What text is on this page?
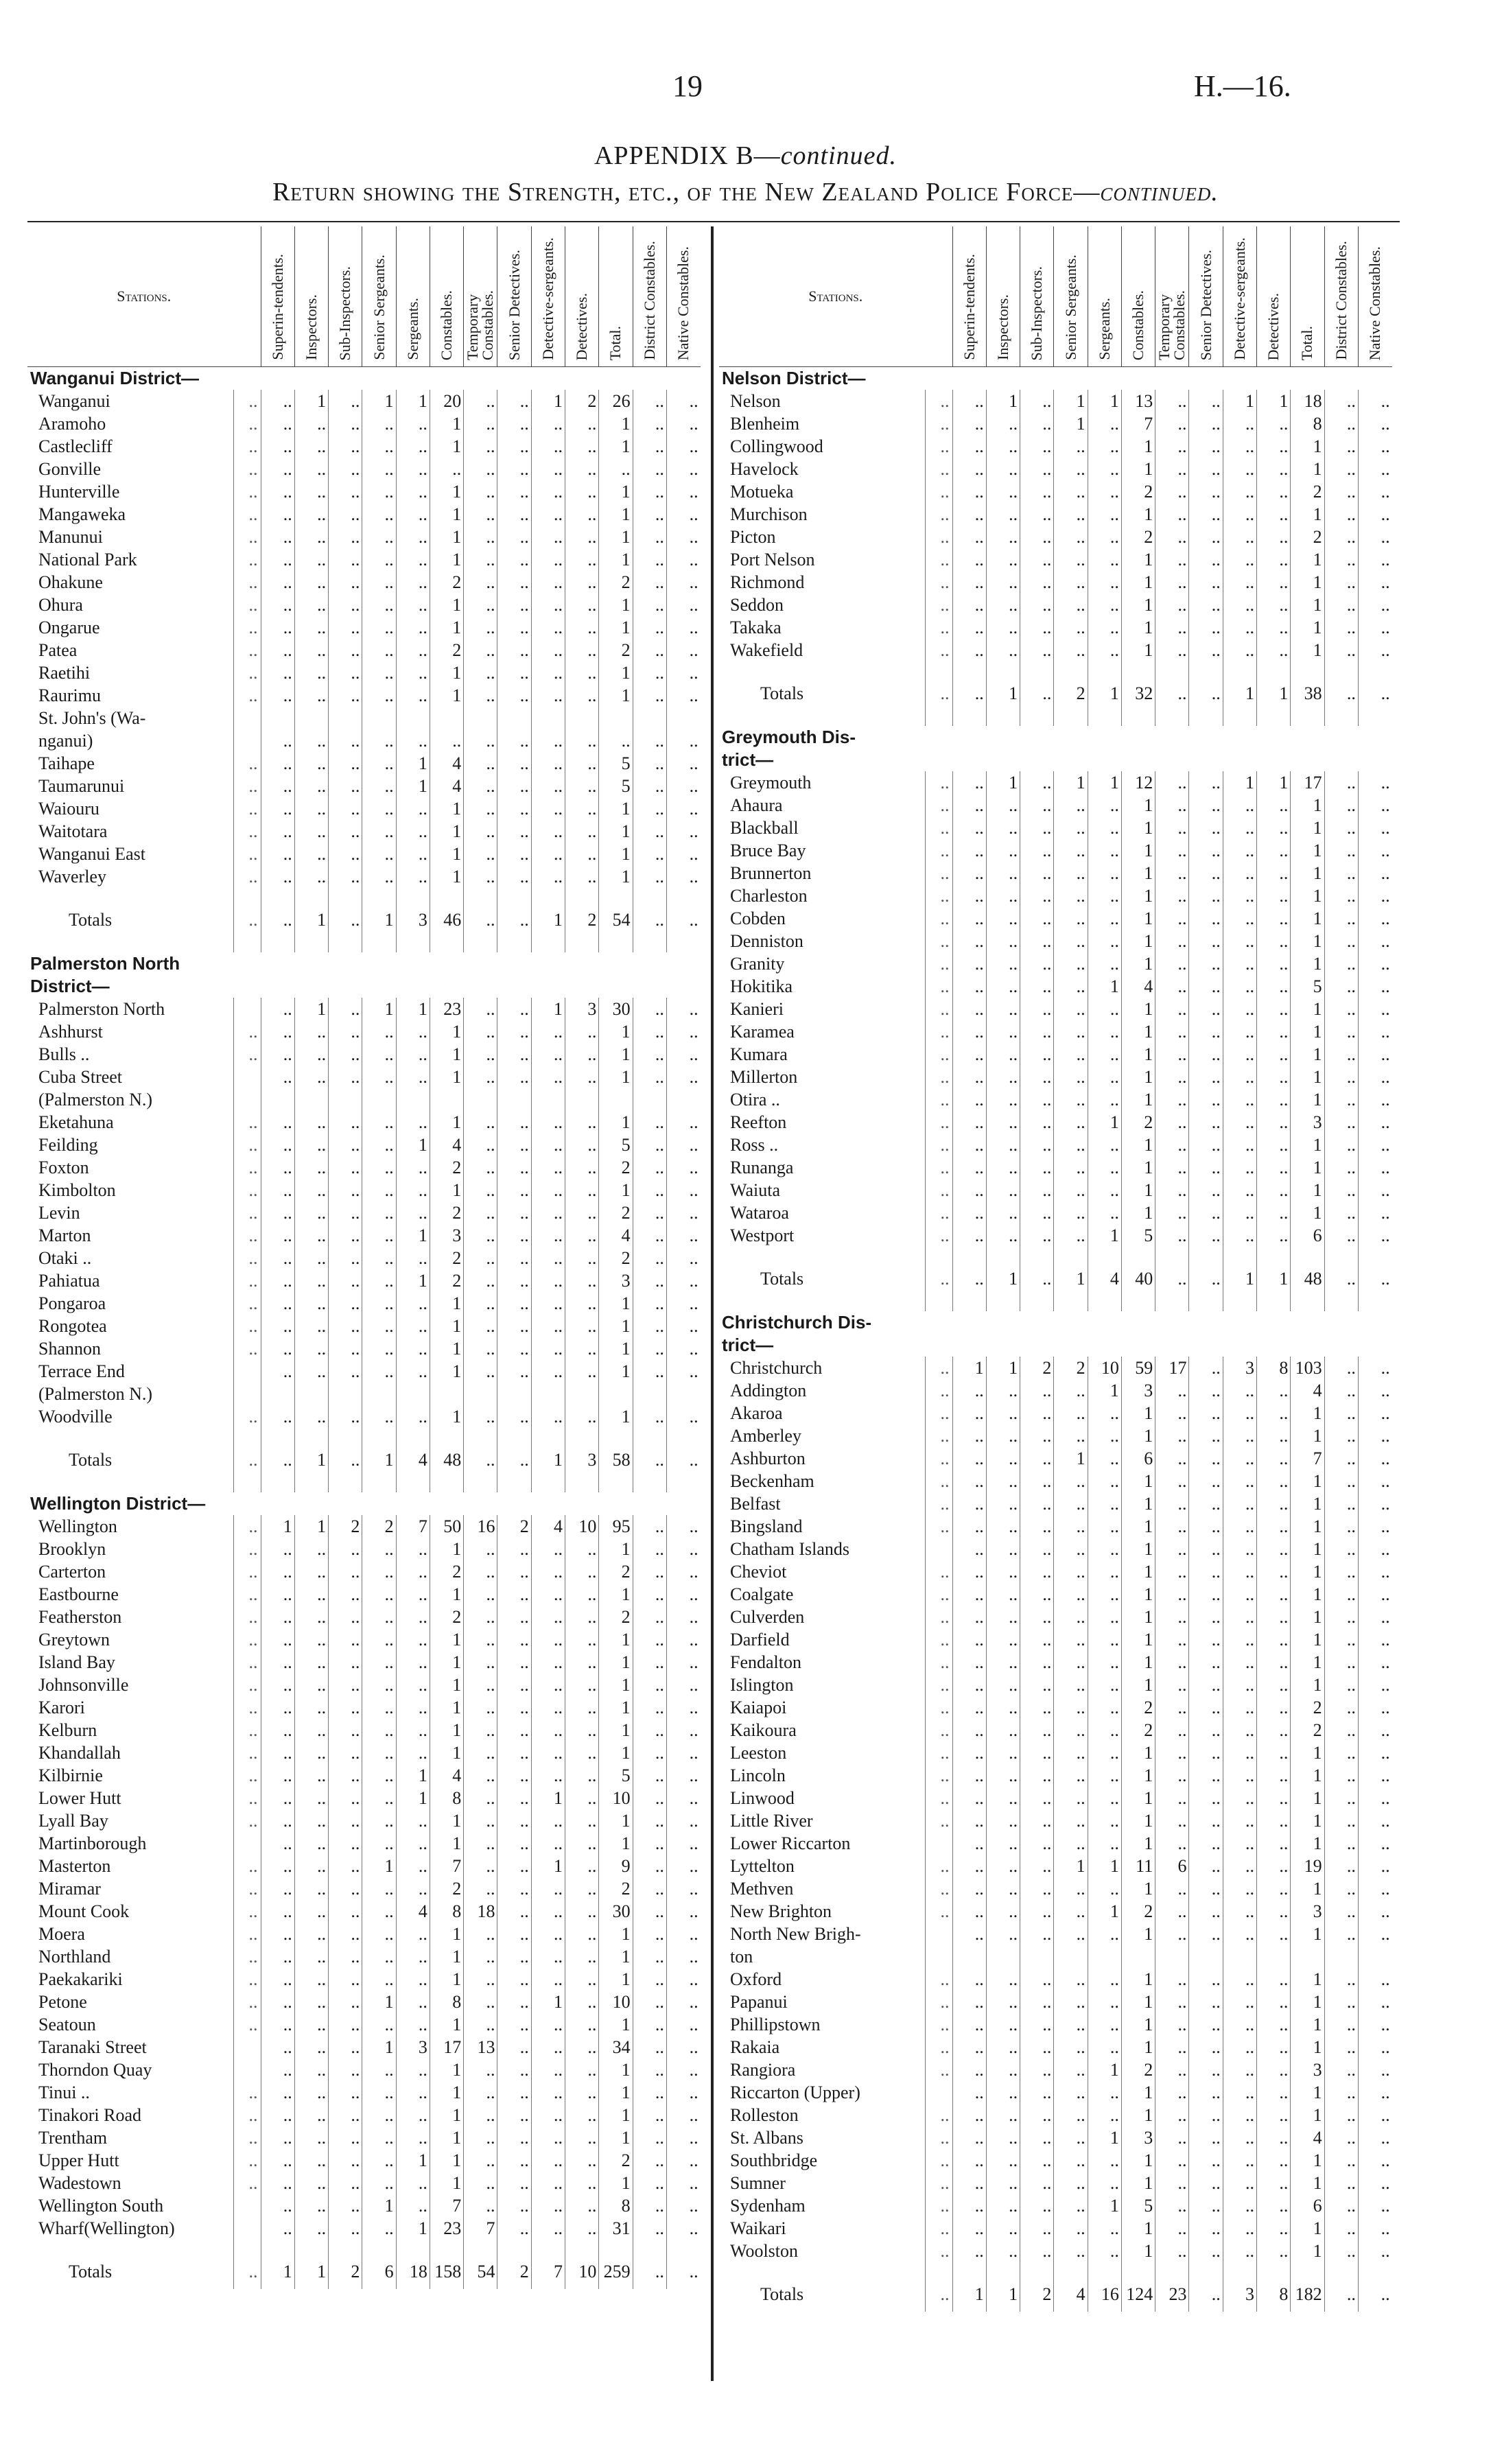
19	H.—16.
APPENDIX B—continued.
Return showing the Strength, etc., of the New Zealand Police Force—continued.
Stations.		Superin-tendents.	Inspectors.	Sub-Inspectors.	Senior Sergeants.	Sergeants.	Constables.	Temporary Constables.	Senior Detectives.	Detective-sergeants.	Detectives.	Total.	District Constables.	Native Constables.
Wanganui District—														
Wanganui	..	..	1	..	1	1	20	..	..	1	2	26	..	..
Aramoho	..	..	..	..	..	..	1	..	..	..	..	1	..	..
Castlecliff	..	..	..	..	..	..	1	..	..	..	..	1	..	..
Gonville	..	..	..	..	..	..	..	..	..	..	..	..	..	..
Hunterville	..	..	..	..	..	..	1	..	..	..	..	1	..	..
Mangaweka	..	..	..	..	..	..	1	..	..	..	..	1	..	..
Manunui	..	..	..	..	..	..	1	..	..	..	..	1	..	..
National Park	..	..	..	..	..	..	1	..	..	..	..	1	..	..
Ohakune	..	..	..	..	..	..	2	..	..	..	..	2	..	..
Ohura	..	..	..	..	..	..	1	..	..	..	..	1	..	..
Ongarue	..	..	..	..	..	..	1	..	..	..	..	1	..	..
Patea	..	..	..	..	..	..	2	..	..	..	..	2	..	..
Raetihi	..	..	..	..	..	..	1	..	..	..	..	1	..	..
Raurimu	..	..	..	..	..	..	1	..	..	..	..	1	..	..
St. John's (Wa-														
nganui)		..	..	..	..	..	..	..	..	..	..	..	..	..
Taihape	..	..	..	..	..	1	4	..	..	..	..	5	..	..
Taumarunui	..	..	..	..	..	1	4	..	..	..	..	5	..	..
Waiouru	..	..	..	..	..	..	1	..	..	..	..	1	..	..
Waitotara	..	..	..	..	..	..	1	..	..	..	..	1	..	..
Wanganui East	..	..	..	..	..	..	1	..	..	..	..	1	..	..
Waverley	..	..	..	..	..	..	1	..	..	..	..	1	..	..

Totals	..	..	1	..	1	3	46	..	..	1	2	54	..	..

Palmerston North														
District—														
Palmerston North		..	1	..	1	1	23	..	..	1	3	30	..	..
Ashhurst	..	..	..	..	..	..	1	..	..	..	..	1	..	..
Bulls ..	..	..	..	..	..	..	1	..	..	..	..	1	..	..
Cuba Street		..	..	..	..	..	1	..	..	..	..	1	..	..
(Palmerston N.)														
Eketahuna	..	..	..	..	..	..	1	..	..	..	..	1	..	..
Feilding	..	..	..	..	..	1	4	..	..	..	..	5	..	..
Foxton	..	..	..	..	..	..	2	..	..	..	..	2	..	..
Kimbolton	..	..	..	..	..	..	1	..	..	..	..	1	..	..
Levin	..	..	..	..	..	..	2	..	..	..	..	2	..	..
Marton	..	..	..	..	..	1	3	..	..	..	..	4	..	..
Otaki ..	..	..	..	..	..	..	2	..	..	..	..	2	..	..
Pahiatua	..	..	..	..	..	1	2	..	..	..	..	3	..	..
Pongaroa	..	..	..	..	..	..	1	..	..	..	..	1	..	..
Rongotea	..	..	..	..	..	..	1	..	..	..	..	1	..	..
Shannon	..	..	..	..	..	..	1	..	..	..	..	1	..	..
Terrace End		..	..	..	..	..	1	..	..	..	..	1	..	..
(Palmerston N.)														
Woodville	..	..	..	..	..	..	1	..	..	..	..	1	..	..

Totals	..	..	1	..	1	4	48	..	..	1	3	58	..	..

Wellington District—														
Wellington	..	1	1	2	2	7	50	16	2	4	10	95	..	..
Brooklyn	..	..	..	..	..	..	1	..	..	..	..	1	..	..
Carterton	..	..	..	..	..	..	2	..	..	..	..	2	..	..
Eastbourne	..	..	..	..	..	..	1	..	..	..	..	1	..	..
Featherston	..	..	..	..	..	..	2	..	..	..	..	2	..	..
Greytown	..	..	..	..	..	..	1	..	..	..	..	1	..	..
Island Bay	..	..	..	..	..	..	1	..	..	..	..	1	..	..
Johnsonville	..	..	..	..	..	..	1	..	..	..	..	1	..	..
Karori	..	..	..	..	..	..	1	..	..	..	..	1	..	..
Kelburn	..	..	..	..	..	..	1	..	..	..	..	1	..	..
Khandallah	..	..	..	..	..	..	1	..	..	..	..	1	..	..
Kilbirnie	..	..	..	..	..	1	4	..	..	..	..	5	..	..
Lower Hutt	..	..	..	..	..	1	8	..	..	1	..	10	..	..
Lyall Bay	..	..	..	..	..	..	1	..	..	..	..	1	..	..
Martinborough		..	..	..	..	..	1	..	..	..	..	1	..	..
Masterton	..	..	..	..	1	..	7	..	..	1	..	9	..	..
Miramar	..	..	..	..	..	..	2	..	..	..	..	2	..	..
Mount Cook	..	..	..	..	..	4	8	18	..	..	..	30	..	..
Moera	..	..	..	..	..	..	1	..	..	..	..	1	..	..
Northland	..	..	..	..	..	..	1	..	..	..	..	1	..	..
Paekakariki	..	..	..	..	..	..	1	..	..	..	..	1	..	..
Petone	..	..	..	..	1	..	8	..	..	1	..	10	..	..
Seatoun	..	..	..	..	..	..	1	..	..	..	..	1	..	..
Taranaki Street		..	..	..	1	3	17	13	..	..	..	34	..	..
Thorndon Quay		..	..	..	..	..	1	..	..	..	..	1	..	..
Tinui ..	..	..	..	..	..	..	1	..	..	..	..	1	..	..
Tinakori Road	..	..	..	..	..	..	1	..	..	..	..	1	..	..
Trentham	..	..	..	..	..	..	1	..	..	..	..	1	..	..
Upper Hutt	..	..	..	..	..	1	1	..	..	..	..	2	..	..
Wadestown	..	..	..	..	..	..	1	..	..	..	..	1	..	..
Wellington South		..	..	..	1	..	7	..	..	..	..	8	..	..
Wharf(Wellington)		..	..	..	..	1	23	7	..	..	..	31	..	..

Totals	..	1	1	2	6	18	158	54	2	7	10	259	..	..
Stations.		Superin-tendents.	Inspectors.	Sub-Inspectors.	Senior Sergeants.	Sergeants.	Constables.	Temporary Constables.	Senior Detectives.	Detective-sergeants.	Detectives.	Total.	District Constables.	Native Constables.
Nelson District—														
Nelson	..	..	1	..	1	1	13	..	..	1	1	18	..	..
Blenheim	..	..	..	..	1	..	7	..	..	..	..	8	..	..
Collingwood	..	..	..	..	..	..	1	..	..	..	..	1	..	..
Havelock	..	..	..	..	..	..	1	..	..	..	..	1	..	..
Motueka	..	..	..	..	..	..	2	..	..	..	..	2	..	..
Murchison	..	..	..	..	..	..	1	..	..	..	..	1	..	..
Picton	..	..	..	..	..	..	2	..	..	..	..	2	..	..
Port Nelson	..	..	..	..	..	..	1	..	..	..	..	1	..	..
Richmond	..	..	..	..	..	..	1	..	..	..	..	1	..	..
Seddon	..	..	..	..	..	..	1	..	..	..	..	1	..	..
Takaka	..	..	..	..	..	..	1	..	..	..	..	1	..	..
Wakefield	..	..	..	..	..	..	1	..	..	..	..	1	..	..

Totals	..	..	1	..	2	1	32	..	..	1	1	38	..	..

Greymouth Dis-														
trict—														
Greymouth	..	..	1	..	1	1	12	..	..	1	1	17	..	..
Ahaura	..	..	..	..	..	..	1	..	..	..	..	1	..	..
Blackball	..	..	..	..	..	..	1	..	..	..	..	1	..	..
Bruce Bay	..	..	..	..	..	..	1	..	..	..	..	1	..	..
Brunnerton	..	..	..	..	..	..	1	..	..	..	..	1	..	..
Charleston	..	..	..	..	..	..	1	..	..	..	..	1	..	..
Cobden	..	..	..	..	..	..	1	..	..	..	..	1	..	..
Denniston	..	..	..	..	..	..	1	..	..	..	..	1	..	..
Granity	..	..	..	..	..	..	1	..	..	..	..	1	..	..
Hokitika	..	..	..	..	..	1	4	..	..	..	..	5	..	..
Kanieri	..	..	..	..	..	..	1	..	..	..	..	1	..	..
Karamea	..	..	..	..	..	..	1	..	..	..	..	1	..	..
Kumara	..	..	..	..	..	..	1	..	..	..	..	1	..	..
Millerton	..	..	..	..	..	..	1	..	..	..	..	1	..	..
Otira ..	..	..	..	..	..	..	1	..	..	..	..	1	..	..
Reefton	..	..	..	..	..	1	2	..	..	..	..	3	..	..
Ross ..	..	..	..	..	..	..	1	..	..	..	..	1	..	..
Runanga	..	..	..	..	..	..	1	..	..	..	..	1	..	..
Waiuta	..	..	..	..	..	..	1	..	..	..	..	1	..	..
Wataroa	..	..	..	..	..	..	1	..	..	..	..	1	..	..
Westport	..	..	..	..	..	1	5	..	..	..	..	6	..	..

Totals	..	..	1	..	1	4	40	..	..	1	1	48	..	..

Christchurch Dis-														
trict—														
Christchurch	..	1	1	2	2	10	59	17	..	3	8	103	..	..
Addington	..	..	..	..	..	1	3	..	..	..	..	4	..	..
Akaroa	..	..	..	..	..	..	1	..	..	..	..	1	..	..
Amberley	..	..	..	..	..	..	1	..	..	..	..	1	..	..
Ashburton	..	..	..	..	1	..	6	..	..	..	..	7	..	..
Beckenham	..	..	..	..	..	..	1	..	..	..	..	1	..	..
Belfast	..	..	..	..	..	..	1	..	..	..	..	1	..	..
Bingsland	..	..	..	..	..	..	1	..	..	..	..	1	..	..
Chatham Islands		..	..	..	..	..	1	..	..	..	..	1	..	..
Cheviot	..	..	..	..	..	..	1	..	..	..	..	1	..	..
Coalgate	..	..	..	..	..	..	1	..	..	..	..	1	..	..
Culverden	..	..	..	..	..	..	1	..	..	..	..	1	..	..
Darfield	..	..	..	..	..	..	1	..	..	..	..	1	..	..
Fendalton	..	..	..	..	..	..	1	..	..	..	..	1	..	..
Islington	..	..	..	..	..	..	1	..	..	..	..	1	..	..
Kaiapoi	..	..	..	..	..	..	2	..	..	..	..	2	..	..
Kaikoura	..	..	..	..	..	..	2	..	..	..	..	2	..	..
Leeston	..	..	..	..	..	..	1	..	..	..	..	1	..	..
Lincoln	..	..	..	..	..	..	1	..	..	..	..	1	..	..
Linwood	..	..	..	..	..	..	1	..	..	..	..	1	..	..
Little River	..	..	..	..	..	..	1	..	..	..	..	1	..	..
Lower Riccarton		..	..	..	..	..	1	..	..	..	..	1	..	..
Lyttelton	..	..	..	..	1	1	11	6	..	..	..	19	..	..
Methven	..	..	..	..	..	..	1	..	..	..	..	1	..	..
New Brighton	..	..	..	..	..	1	2	..	..	..	..	3	..	..
North New Brigh-		..	..	..	..	..	1	..	..	..	..	1	..	..
ton														
Oxford	..	..	..	..	..	..	1	..	..	..	..	1	..	..
Papanui	..	..	..	..	..	..	1	..	..	..	..	1	..	..
Phillipstown	..	..	..	..	..	..	1	..	..	..	..	1	..	..
Rakaia	..	..	..	..	..	..	1	..	..	..	..	1	..	..
Rangiora	..	..	..	..	..	1	2	..	..	..	..	3	..	..
Riccarton (Upper)		..	..	..	..	..	1	..	..	..	..	1	..	..
Rolleston	..	..	..	..	..	..	1	..	..	..	..	1	..	..
St. Albans	..	..	..	..	..	1	3	..	..	..	..	4	..	..
Southbridge	..	..	..	..	..	..	1	..	..	..	..	1	..	..
Sumner	..	..	..	..	..	..	1	..	..	..	..	1	..	..
Sydenham	..	..	..	..	..	1	5	..	..	..	..	6	..	..
Waikari	..	..	..	..	..	..	1	..	..	..	..	1	..	..
Woolston	..	..	..	..	..	..	1	..	..	..	..	1	..	..

Totals	..	1	1	2	4	16	124	23	..	3	8	182	..	..
